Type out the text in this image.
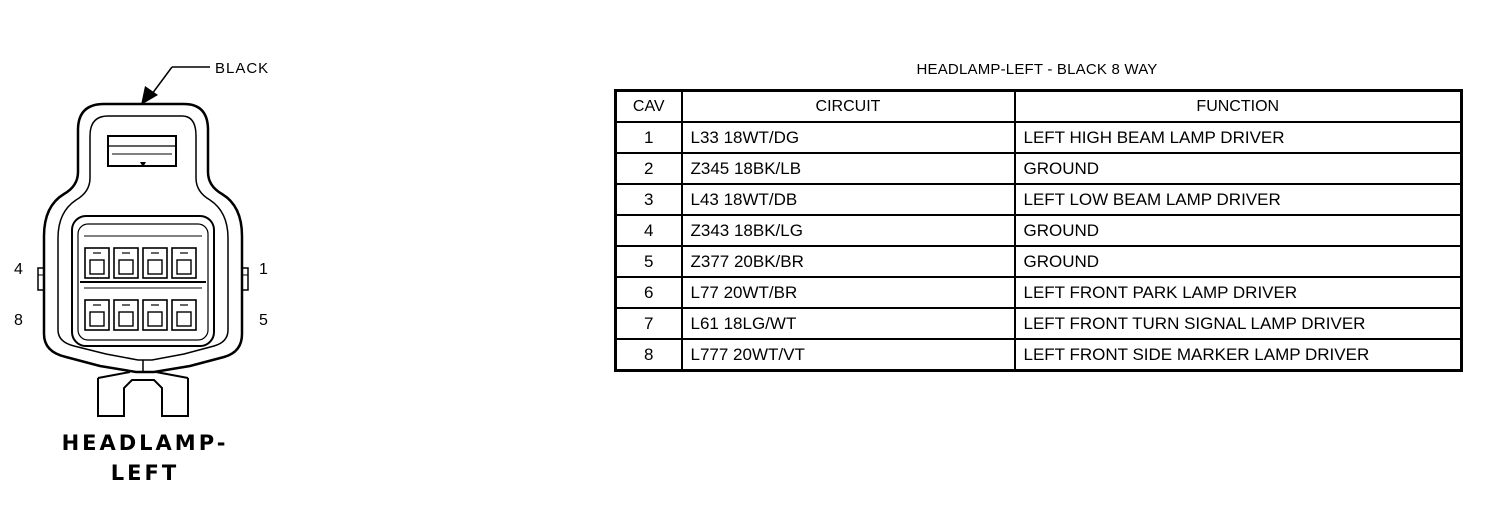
BLACK
4	1
8	5
HEADLAMP-
LEFT
HEADLAMP-LEFT - BLACK 8 WAY
CAV	CIRCUIT	FUNCTION
1	L33 18WT/DG	LEFT HIGH BEAM LAMP DRIVER
2	Z345 18BK/LB	GROUND
3	L43 18WT/DB	LEFT LOW BEAM LAMP DRIVER
4	Z343 18BK/LG	GROUND
5	Z377 20BK/BR	GROUND
6	L77 20WT/BR	LEFT FRONT PARK LAMP DRIVER
7	L61 18LG/WT	LEFT FRONT TURN SIGNAL LAMP DRIVER
8	L777 20WT/VT	LEFT FRONT SIDE MARKER LAMP DRIVER
